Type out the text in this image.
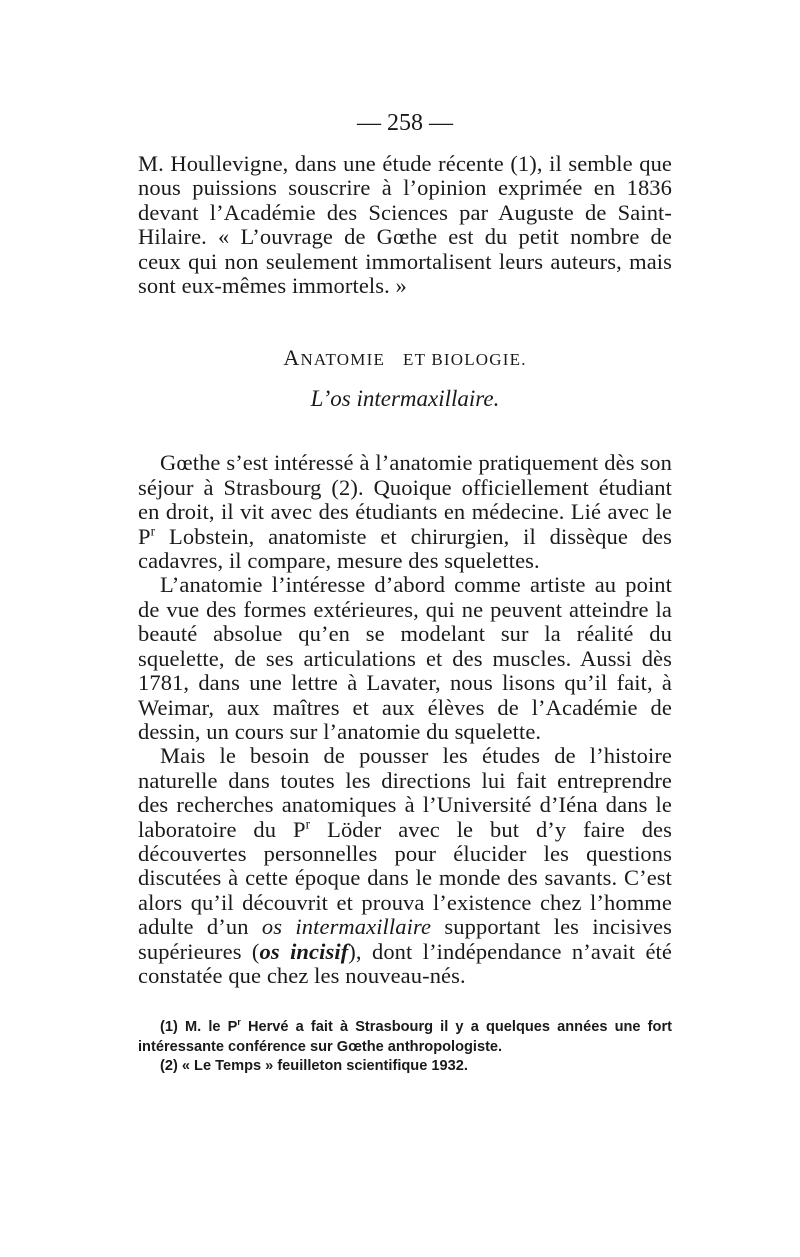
— 258 —

M. Houllevigne, dans une étude récente (1), il semble que nous puissions souscrire à l’opinion exprimée en 1836 devant l’Académie des Sciences par Auguste de Saint-Hilaire. « L’ouvrage de Gœthe est du petit nombre de ceux qui non seulement immortalisent leurs auteurs, mais sont eux-mêmes immortels. »

ANATOMIE ET BIOLOGIE.
L’os intermaxillaire.

Gœthe s’est intéressé à l’anatomie pratiquement dès son séjour à Strasbourg (2). Quoique officiellement étudiant en droit, il vit avec des étudiants en médecine. Lié avec le $P^r$ Lobstein, anatomiste et chirurgien, il dissèque des cadavres, il compare, mesure des squelettes.

L’anatomie l’intéresse d’abord comme artiste au point de vue des formes extérieures, qui ne peuvent atteindre la beauté absolue qu’en se modelant sur la réalité du squelette, de ses articulations et des muscles. Aussi dès 1781, dans une lettre à Lavater, nous lisons qu’il fait, à Weimar, aux maîtres et aux élèves de l’Académie de dessin, un cours sur l’anatomie du squelette.

Mais le besoin de pousser les études de l’histoire naturelle dans toutes les directions lui fait entreprendre des recherches anatomiques à l’Université d’Iéna dans le laboratoire du $P^r$ Löder avec le but d’y faire des découvertes personnelles pour élucider les questions discutées à cette époque dans le monde des savants. C’est alors qu’il découvrit et prouva l’existence chez l’homme adulte d’un os intermaxillaire supportant les incisives supérieures (os incisif), dont l’indépendance n’avait été constatée que chez les nouveau-nés.

(1) M. le $P^r$ Hervé a fait à Strasbourg il y a quelques années une fort intéressante conférence sur Gœthe anthropologiste.

(2) « Le Temps » feuilleton scientifique 1932.
